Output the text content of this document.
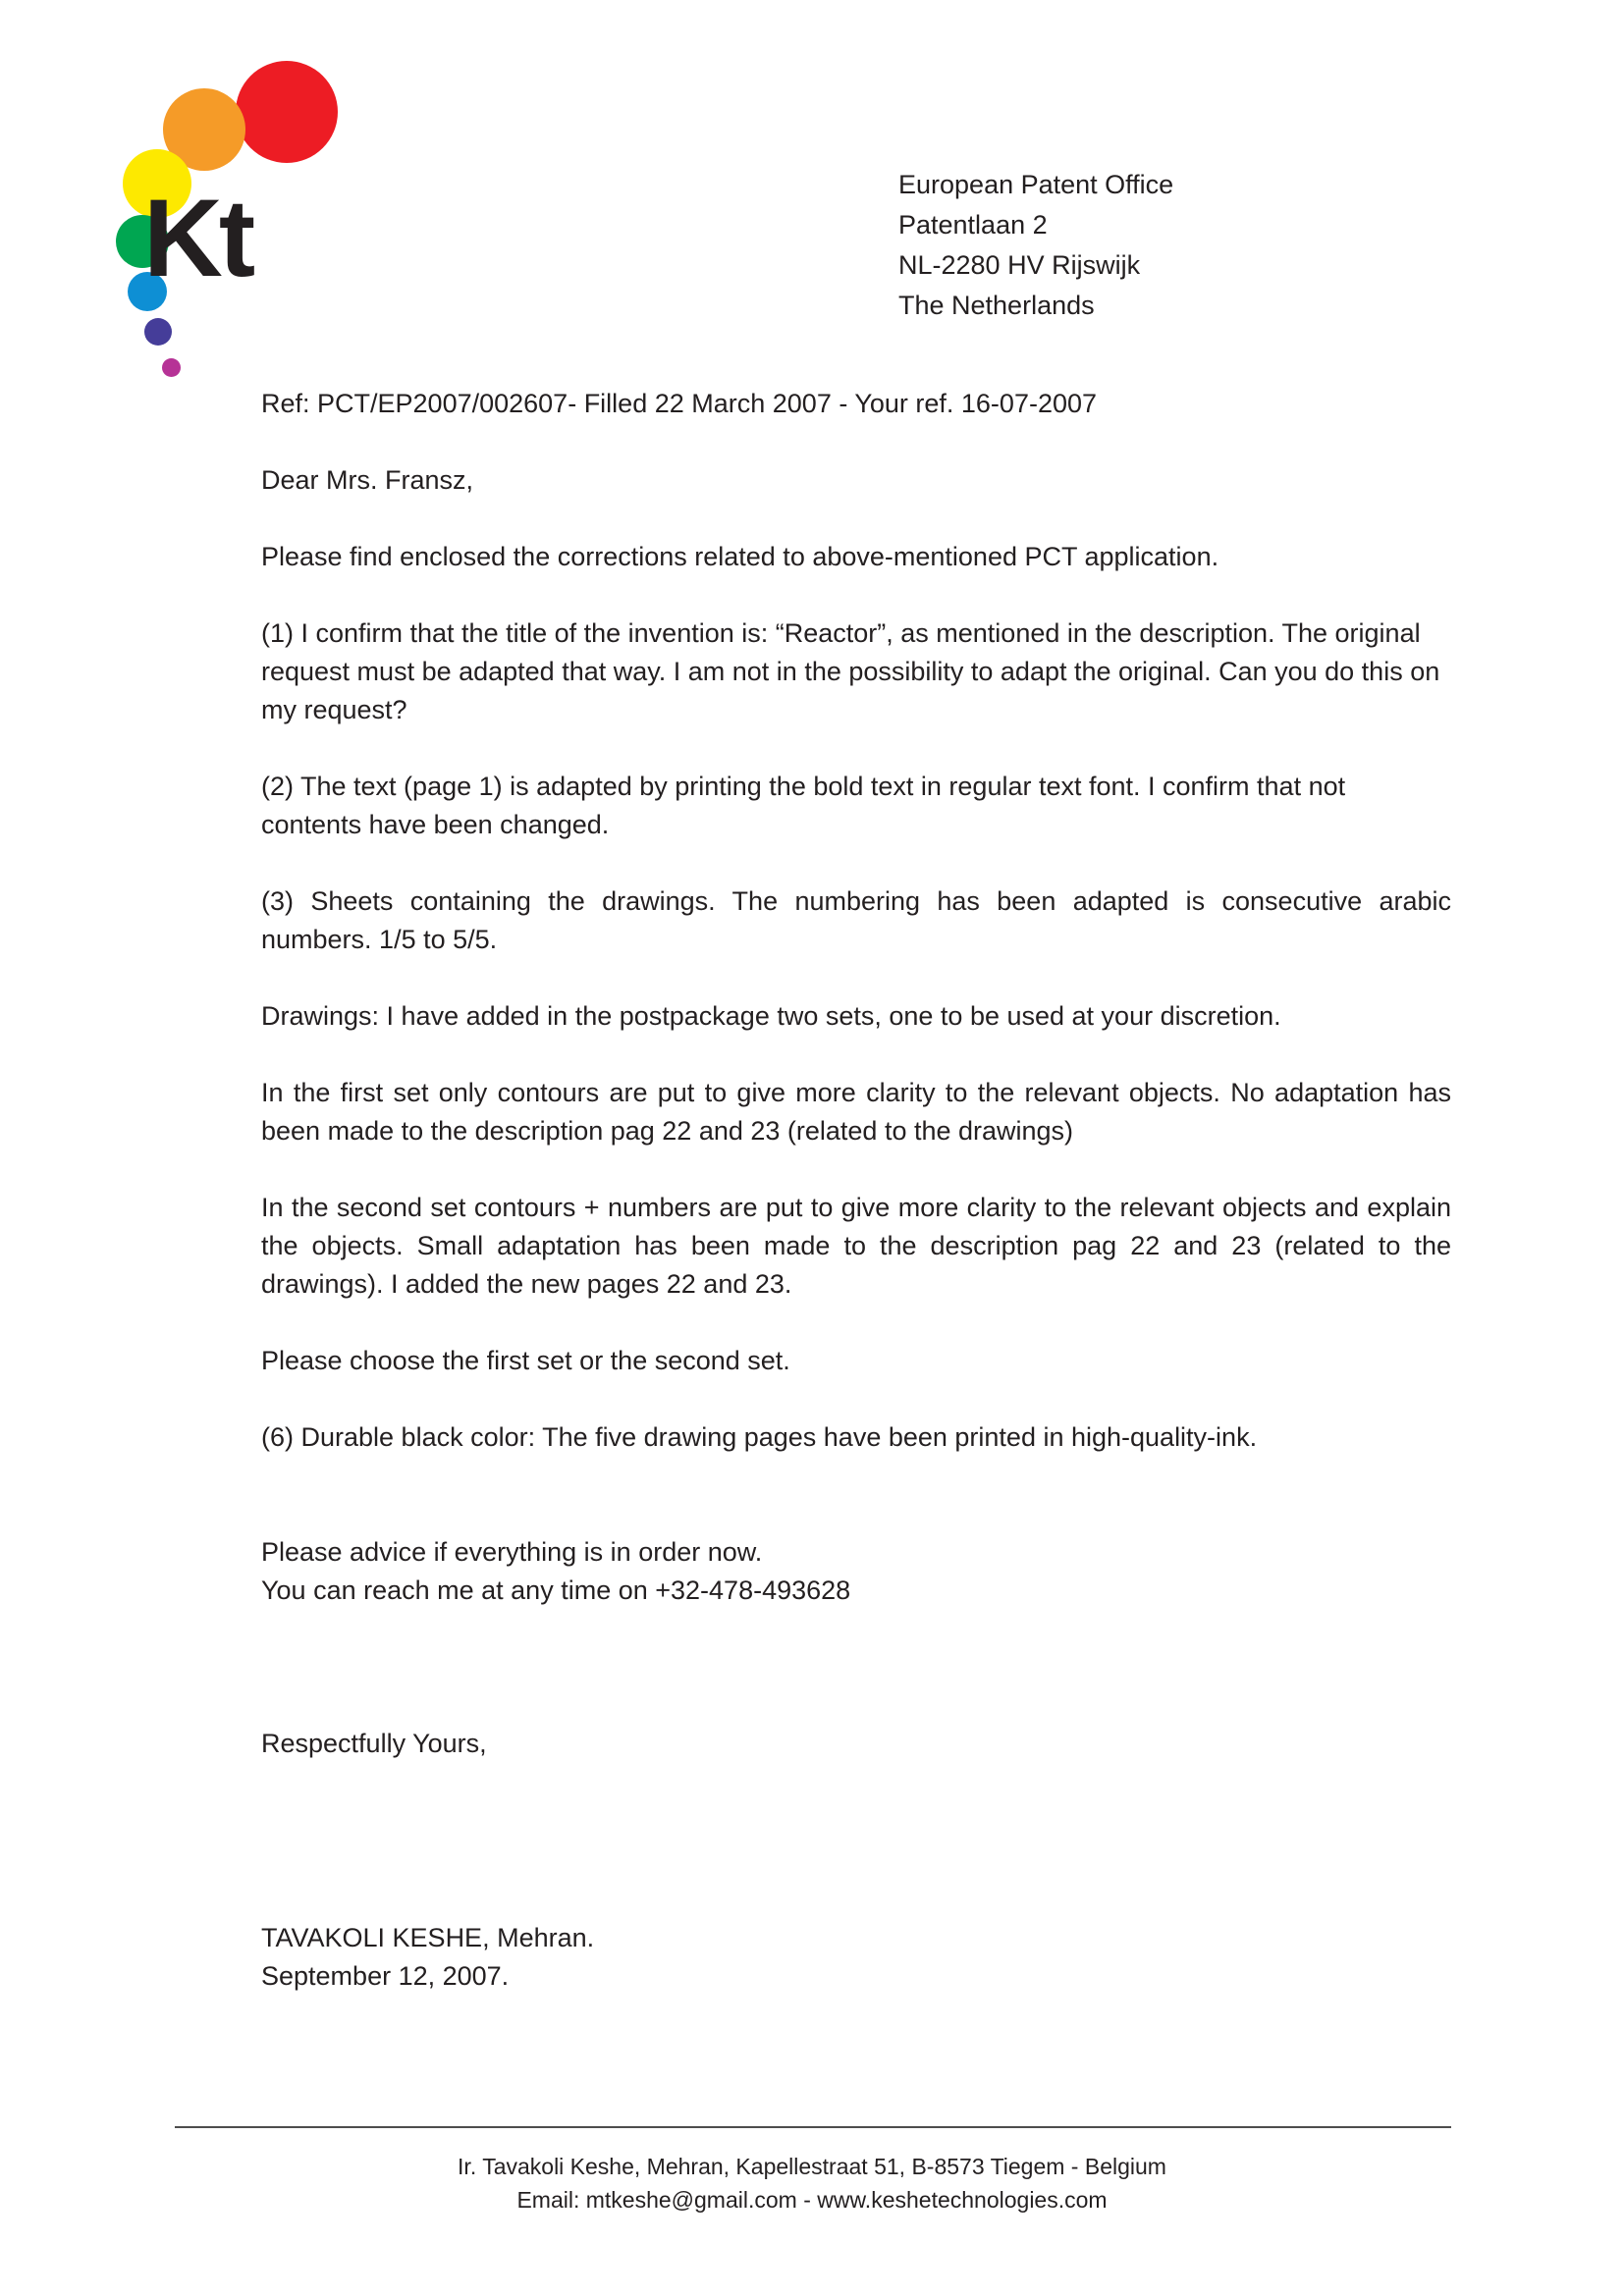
Kt	European Patent Office
Patentlaan 2
NL-2280 HV Rijswijk
The Netherlands

Ref: PCT/EP2007/002607- Filled 22 March 2007 - Your ref. 16-07-2007

Dear Mrs. Fransz,

Please find enclosed the corrections related to above-mentioned PCT application.

(1) I confirm that the title of the invention is: “Reactor”, as mentioned in the description. The original request must be adapted that way. I am not in the possibility to adapt the original. Can you do this on my request?

(2) The text (page 1) is adapted by printing the bold text in regular text font. I confirm that not contents have been changed.

(3) Sheets containing the drawings. The numbering has been adapted is consecutive arabic numbers. 1/5 to 5/5.

Drawings: I have added in the postpackage two sets, one to be used at your discretion.

In the first set only contours are put to give more clarity to the relevant objects. No adaptation has been made to the description pag 22 and 23 (related to the drawings)

In the second set contours + numbers are put to give more clarity to the relevant objects and explain the objects. Small adaptation has been made to the description pag 22 and 23 (related to the drawings). I added the new pages 22 and 23.

Please choose the first set or the second set.

(6) Durable black color: The five drawing pages have been printed in high-quality-ink.

Please advice if everything is in order now.

You can reach me at any time on +32-478-493628

Respectfully Yours,

TAVAKOLI KESHE, Mehran.

September 12, 2007.

Ir. Tavakoli Keshe, Mehran, Kapellestraat 51, B-8573 Tiegem - Belgium
Email: mtkeshe@gmail.com - www.keshetechnologies.com
